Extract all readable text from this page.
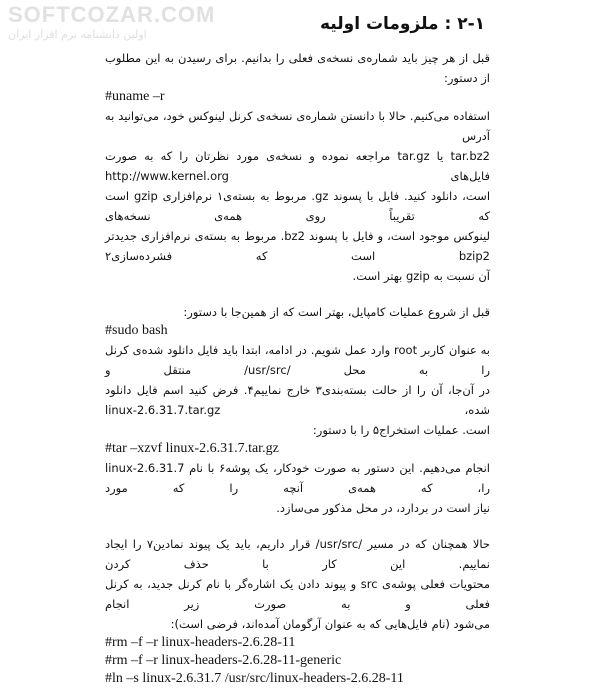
SOFTCOZAR.COM
اولین دانشنامه نرم افزار ایران
۲-۱ : ملزومات اولیه
قبل از هر چیز باید شماره‌ی نسخه‌ی فعلی را بدانیم. برای رسیدن به این مطلوب از دستور:
#uname –r
استفاده می‌کنیم. حالا با دانستن شماره‌ی نسخه‌ی کرنل لینوکس خود، می‌توانید به آدرس
tar.bz2 یا tar.gz مراجعه نموده و نسخه‌ی مورد نظرتان را که به صورت فایل‌های http://www.kernel.org
است، دانلود کنید. فایل با پسوند gz. مربوط به بسته‌ی۱ نرم‌افزاری gzip است که تقریباً روی همه‌ی نسخه‌های
لینوکس موجود است، و فایل با پسوند bz2. مربوط به بسته‌ی نرم‌افزاری جدیدتر bzip2 است که فشرده‌سازی۲
آن نسبت به gzip بهتر است.
قبل از شروع عملیات کامپایل، بهتر است که از همین‌جا با دستور:
#sudo bash
به عنوان کاربر root وارد عمل شویم. در ادامه، ابتدا باید فایل دانلود شده‌ی کرنل را به محل /usr/src/ منتقل و
در آن‌جا، آن را از حالت بسته‌بندی۳ خارج نماییم۴. فرض کنید اسم فایل دانلود شده، linux-2.6.31.7.tar.gz
است. عملیات استخراج۵ را با دستور:
#tar –xzvf linux-2.6.31.7.tar.gz
انجام می‌دهیم. این دستور به صورت خودکار، یک پوشه۶ با نام linux-2.6.31.7 را، که همه‌ی آنچه را که مورد
نیاز است در بردارد، در محل مذکور می‌سازد.
حالا همچنان که در مسیر /usr/src/ قرار داریم، باید یک پیوند نمادین۷ را ایجاد نماییم. این کار با حذف کردن
محتویات فعلی پوشه‌ی src و پیوند دادن یک اشاره‌گر با نام کرنل جدید، به کرنل فعلی و به صورت زیر انجام
می‌شود (نام فایل‌هایی که به عنوان آرگومان آمده‌اند، فرضی است):
#rm –f –r linux-headers-2.6.28-11
#rm –f –r linux-headers-2.6.28-11-generic
#ln –s linux-2.6.31.7 /usr/src/linux-headers-2.6.28-11
